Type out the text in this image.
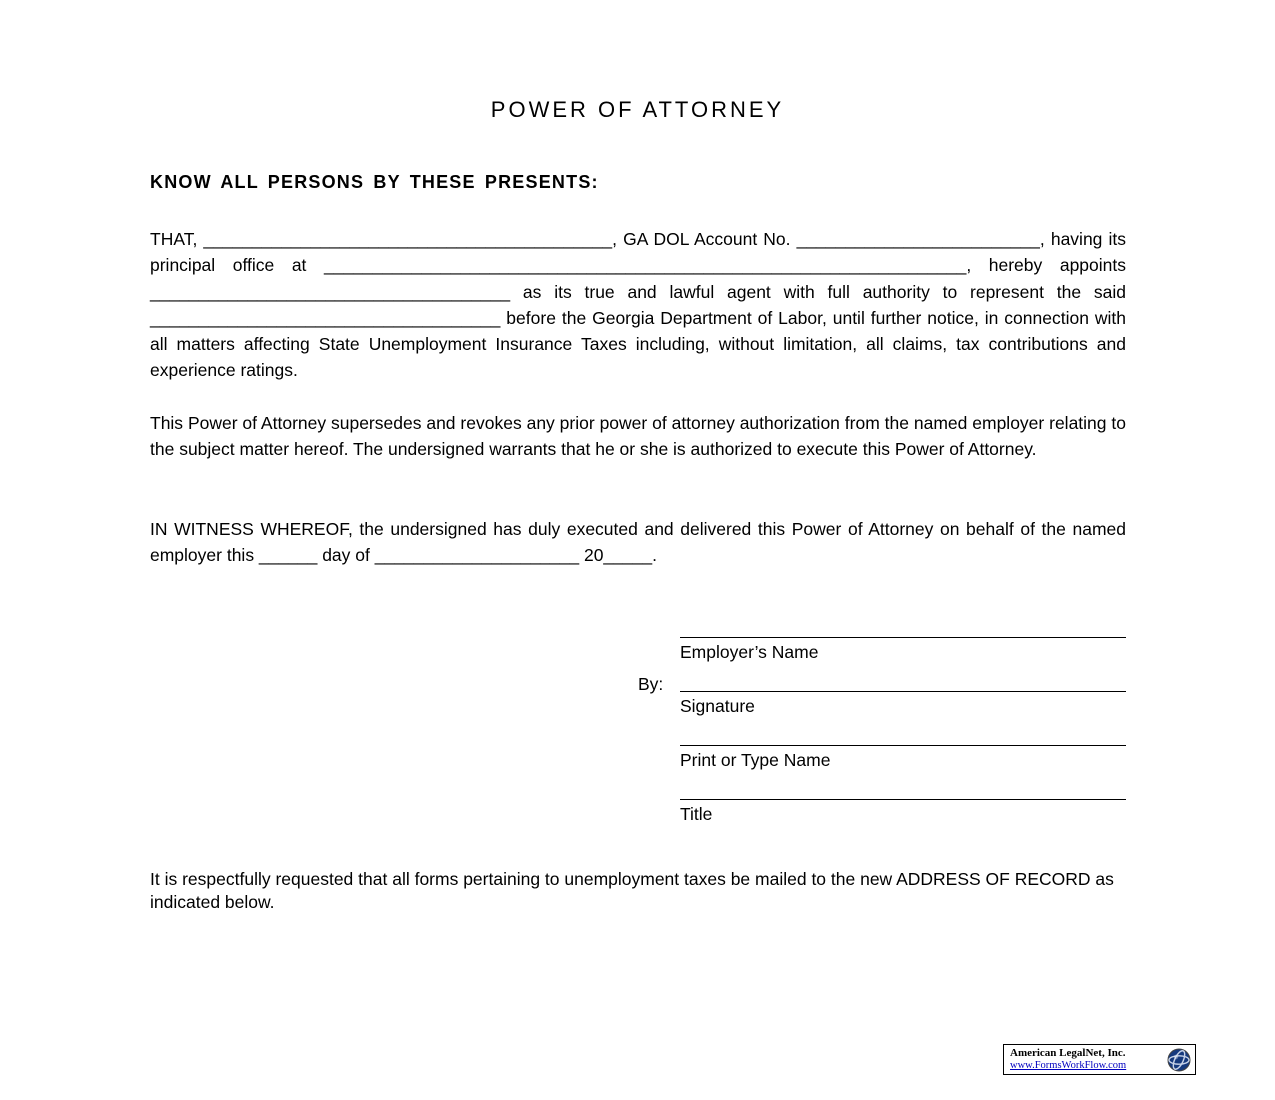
POWER OF ATTORNEY
KNOW ALL PERSONS BY THESE PRESENTS:
THAT, __________________________________________, GA DOL Account No. _________________________, having its principal office at __________________________________________________________________, hereby appoints _____________________________________ as its true and lawful agent with full authority to represent the said ____________________________________ before the Georgia Department of Labor, until further notice, in connection with all matters affecting State Unemployment Insurance Taxes including, without limitation, all claims, tax contributions and experience ratings.
This Power of Attorney supersedes and revokes any prior power of attorney authorization from the named employer relating to the subject matter hereof. The undersigned warrants that he or she is authorized to execute this Power of Attorney.
IN WITNESS WHEREOF, the undersigned has duly executed and delivered this Power of Attorney on behalf of the named employer this ______ day of _____________________ 20_____.
Employer’s Name
By:
Signature
Print or Type Name
Title
It is respectfully requested that all forms pertaining to unemployment taxes be mailed to the new ADDRESS OF RECORD as indicated below.
American LegalNet, Inc.
www.FormsWorkFlow.com
